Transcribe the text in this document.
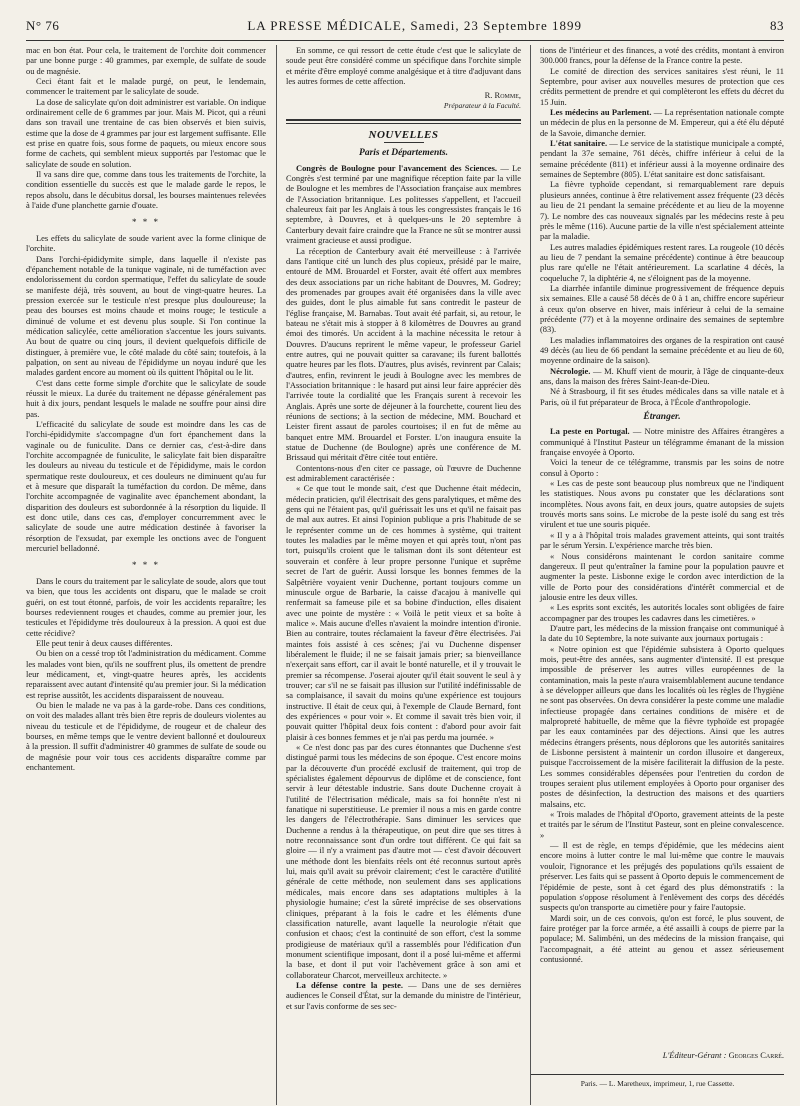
N° 76	LA PRESSE MÉDICALE, Samedi, 23 Septembre 1899	83

mac en bon état. Pour cela, le traitement de l'orchite doit commencer par une bonne purge : 40 grammes, par exemple, de sulfate de soude ou de magnésie.

Ceci étant fait et le malade purgé, on peut, le lendemain, commencer le traitement par le salicylate de soude.

La dose de salicylate qu'on doit administrer est variable. On indique ordinairement celle de 6 grammes par jour. Mais M. Picot, qui a réuni dans son travail une trentaine de cas bien observés et bien suivis, estime que la dose de 4 grammes par jour est largement suffisante. Elle est prise en quatre fois, sous forme de paquets, ou mieux encore sous forme de cachets, qui semblent mieux supportés par l'estomac que le salicylate de soude en solution.

Il va sans dire que, comme dans tous les traitements de l'orchite, la condition essentielle du succès est que le malade garde le repos, le repos absolu, dans le décubitus dorsal, les bourses maintenues relevées à l'aide d'une planchette garnie d'ouate.

* * *

Les effets du salicylate de soude varient avec la forme clinique de l'orchite.

Dans l'orchi-épididymite simple, dans laquelle il n'existe pas d'épanchement notable de la tunique vaginale, ni de tuméfaction avec endolorissement du cordon spermatique, l'effet du salicylate de soude se manifeste déjà, très souvent, au bout de vingt-quatre heures. La pression exercée sur le testicule n'est presque plus douloureuse; la peau des bourses est moins chaude et moins rouge; le testicule a diminué de volume et est devenu plus souple. Si l'on continue la médication salicylée, cette amélioration s'accentue les jours suivants. Au bout de quatre ou cinq jours, il devient quelquefois difficile de distinguer, à première vue, le côté malade du côté sain; toutefois, à la palpation, on sent au niveau de l'épididyme un noyau induré que les malades gardent encore au moment où ils quittent l'hôpital ou le lit.

C'est dans cette forme simple d'orchite que le salicylate de soude réussit le mieux. La durée du traitement ne dépasse généralement pas huit à dix jours, pendant lesquels le malade ne souffre pour ainsi dire pas.

L'efficacité du salicylate de soude est moindre dans les cas de l'orchi-épididymite s'accompagne d'un fort épanchement dans la vaginale ou de funiculite. Dans ce dernier cas, c'est-à-dire dans l'orchite accompagnée de funiculite, le salicylate fait bien disparaître les douleurs au niveau du testicule et de l'épididyme, mais le cordon spermatique reste douloureux, et ces douleurs ne diminuent qu'au fur et à mesure que disparaît la tuméfaction du cordon. De même, dans l'orchite accompagnée de vaginalite avec épanchement abondant, la disparition des douleurs est subordonnée à la résorption du liquide. Il est donc utile, dans ces cas, d'employer concurremment avec le salicylate de soude une autre médication destinée à favoriser la résorption de l'exsudat, par exemple les onctions avec de l'onguent mercuriel belladonné.

* * *

Dans le cours du traitement par le salicylate de soude, alors que tout va bien, que tous les accidents ont disparu, que le malade se croit guéri, on est tout étonné, parfois, de voir les accidents reparaître; les bourses redeviennent rouges et chaudes, comme au premier jour, les testicules et l'épididyme très douloureux à la pression. A quoi est due cette récidive?

Elle peut tenir à deux causes différentes.

Ou bien on a cessé trop tôt l'administration du médicament. Comme les malades vont bien, qu'ils ne souffrent plus, ils omettent de prendre leur médicament, et, vingt-quatre heures après, les accidents reparaissent avec autant d'intensité qu'au premier jour. Si la médication est reprise aussitôt, les accidents disparaissent de nouveau.

Ou bien le malade ne va pas à la garde-robe. Dans ces conditions, on voit des malades allant très bien être repris de douleurs violentes au niveau du testicule et de l'épididyme, de rougeur et de chaleur des bourses, en même temps que le ventre devient ballonné et douloureux à la pression. Il suffit d'administrer 40 grammes de sulfate de soude ou de magnésie pour voir tous ces accidents disparaître comme par enchantement.

En somme, ce qui ressort de cette étude c'est que le salicylate de soude peut être considéré comme un spécifique dans l'orchite simple et mérite d'être employé comme analgésique et à titre d'adjuvant dans les autres formes de cette affection.

R. Romme,
Préparateur à la Faculté.
NOUVELLES
Paris et Départements.

Congrès de Boulogne pour l'avancement des Sciences. — Le Congrès s'est terminé par une magnifique réception faite par la ville de Boulogne et les membres de l'Association française aux membres de l'Association britannique. Les politesses s'appellent, et l'accueil chaleureux fait par les Anglais à tous les congressistes français le 16 septembre, à Douvres, et à quelques-uns le 20 septembre à Canterbury devait faire craindre que la France ne sût se montrer aussi vraiment gracieuse et aussi prodigue.

La réception de Canterbury avait été merveilleuse : à l'arrivée dans l'antique cité un lunch des plus copieux, présidé par le maire, entouré de MM. Brouardel et Forster, avait été offert aux membres des deux associations par un riche habitant de Douvres, M. Godrey; des promenades par groupes avait été organisées dans la ville avec des guides, dont le plus aimable fut sans contredit le pasteur de l'église française, M. Barnabas. Tout avait été parfait, si, au retour, le bateau ne s'était mis à stopper à 8 kilomètres de Douvres au grand émoi des timorés. Un accident à la machine nécessita le retour à Douvres. D'aucuns reprirent le même vapeur, le professeur Gariel entre autres, qui ne pouvait quitter sa caravane; ils furent ballottés quatre heures par les flots. D'autres, plus avisés, revinrent par Calais; d'autres, enfin, revinrent le jeudi à Boulogne avec les membres de l'Association britannique : le hasard put ainsi leur faire apprécier dès l'arrivée toute la cordialité que les Français surent à recevoir les Anglais. Après une sorte de déjeuner à la fourchette, courent lieu des réunions de sections; à la section de médecine, MM. Bouchard et Leister firent assaut de paroles courtoises; il en fut de même au banquet entre MM. Brouardel et Forster. L'on inaugura ensuite la statue de Duchenne (de Boulogne) après une conférence de M. Brissaud qui méritait d'être citée tout entière.

Contentons-nous d'en citer ce passage, où l'œuvre de Duchenne est admirablement caractérisée :

« Ce que tout le monde sait, c'est que Duchenne était médecin, médecin praticien, qu'il électrisait des gens paralytiques, et même des gens qui ne l'étaient pas, qu'il guérissait les uns et qu'il ne faisait pas de mal aux autres. Et ainsi l'opinion publique a pris l'habitude de se le représenter comme un de ces hommes à système, qui traitent toutes les maladies par le même moyen et qui après tout, n'ont pas tort, puisqu'ils croient que le talisman dont ils sont détenteur est souverain et confère à leur propre personne l'unique et suprême secret de l'art de guérir. Aussi lorsque les bonnes femmes de la Salpêtrière voyaient venir Duchenne, portant toujours comme un minuscule orgue de Barbarie, la caisse d'acajou à manivelle qui renfermait sa fameuse pile et sa bobine d'induction, elles disaient avec une pointe de mystère : « Voilà le petit vieux et sa boîte à malice ». Mais aucune d'elles n'avaient la moindre intention d'ironie. Bien au contraire, toutes réclamaient la faveur d'être électrisées. J'ai maintes fois assisté à ces scènes; j'ai vu Duchenne dispenser libéralement le fluide; il ne se faisait jamais prier; sa bienveillance n'exerçait sans effort, car il avait le bonté naturelle, et il y trouvait le premier sa récompense. J'oserai ajouter qu'il était souvent le seul à y trouver; car s'il ne se faisait pas illusion sur l'utilité indéfinissable de sa complaisance, il savait du moins qu'une expérience est toujours instructive. Il était de ceux qui, à l'exemple de Claude Bernard, font des expériences « pour voir ». Et comme il savait très bien voir, il pouvait quitter l'hôpital deux fois content : d'abord pour avoir fait plaisir à ces bonnes femmes et je n'ai pas perdu ma journée. »

« Ce n'est donc pas par des cures étonnantes que Duchenne s'est distingué parmi tous les médecins de son époque. C'est encore moins par la découverte d'un procédé exclusif de traitement, qui trop de spécialistes également dépourvus de diplôme et de conscience, font servir à leur détestable industrie. Sans doute Duchenne croyait à l'utilité de l'électrisation médicale, mais sa foi honnête n'est ni fanatique ni superstitieuse. Le premier il nous a mis en garde contre les dangers de l'électrothérapie. Sans diminuer les services que Duchenne a rendus à la thérapeutique, on peut dire que ses titres à notre reconnaissance sont d'un ordre tout différent. Ce qui fait sa gloire — il n'y a vraiment pas d'autre mot — c'est d'avoir découvert une méthode dont les bienfaits réels ont été reconnus surtout après lui, mais qu'il avait su prévoir clairement; c'est le caractère d'utilité générale de cette méthode, non seulement dans ses applications médicales, mais encore dans ses adaptations multiples à la physiologie humaine; c'est la sûreté imprécise de ses observations cliniques, préparant à la fois le cadre et les éléments d'une classification naturelle, avant laquelle la neurologie n'était que confusion et chaos; c'est la continuité de son effort, c'est la somme prodigieuse de matériaux qu'il a rassemblés pour l'édification d'un monument scientifique imposant, dont il a posé lui-même et affermi la base, et dont il put voir l'achèvement grâce à son ami et collaborateur Charcot, merveilleux architecte. »

La défense contre la peste. — Dans une de ses dernières audiences le Conseil d'État, sur la demande du ministre de l'intérieur, et sur l'avis conforme de ses sec-

tions de l'intérieur et des finances, a voté des crédits, montant à environ 300.000 francs, pour la défense de la France contre la peste.

Le comité de direction des services sanitaires s'est réuni, le 11 Septembre, pour aviser aux nouvelles mesures de protection que ces crédits permettent de prendre et qui complèteront les effets du décret du 15 Juin.

Les médecins au Parlement. — La représentation nationale compte un médecin de plus en la personne de M. Empereur, qui a été élu député de la Savoie, dimanche dernier.

L'état sanitaire. — Le service de la statistique municipale a compté, pendant la 37e semaine, 761 décès, chiffre inférieur à celui de la semaine précédente (811) et inférieur aussi à la moyenne ordinaire des semaines de Septembre (805). L'état sanitaire est donc satisfaisant.

La fièvre typhoïde cependant, si remarquablement rare depuis plusieurs années, continue à être relativement assez fréquente (23 décès au lieu de 21 pendant la semaine précédente et au lieu de la moyenne 7). Le nombre des cas nouveaux signalés par les médecins reste à peu près le même (116). Aucune partie de la ville n'est spécialement atteinte par la maladie.

Les autres maladies épidémiques restent rares. La rougeole (10 décès au lieu de 7 pendant la semaine précédente) continue à être beaucoup plus rare qu'elle ne l'était antérieurement. La scarlatine 4 décès, la coqueluche 7, la diphtérie 4, ne s'éloignent pas de la moyenne.

La diarrhée infantile diminue progressivement de fréquence depuis six semaines. Elle a causé 58 décès de 0 à 1 an, chiffre encore supérieur à ceux qu'on observe en hiver, mais inférieur à celui de la semaine précédente (77) et à la moyenne ordinaire des semaines de septembre (83).

Les maladies inflammatoires des organes de la respiration ont causé 49 décès (au lieu de 66 pendant la semaine précédente et au lieu de 60, moyenne ordinaire de la saison).

Nécrologie. — M. Khuff vient de mourir, à l'âge de cinquante-deux ans, dans la maison des frères Saint-Jean-de-Dieu.

Né à Strasbourg, il fit ses études médicales dans sa ville natale et à Paris, où il fut préparateur de Broca, à l'École d'anthropologie.

Étranger.

La peste en Portugal. — Notre ministre des Affaires étrangères a communiqué à l'Institut Pasteur un télégramme émanant de la mission française envoyée à Oporto.

Voici la teneur de ce télégramme, transmis par les soins de notre consul à Oporto :

« Les cas de peste sont beaucoup plus nombreux que ne l'indiquent les statistiques. Nous avons pu constater que les déclarations sont incomplètes. Nous avons fait, en deux jours, quatre autopsies de sujets trouvés morts sans soins. Le microbe de la peste isolé du sang est très virulent et tue une souris piquée.

« Il y a à l'hôpital trois malades gravement atteints, qui sont traités par le sérum Yersin. L'expérience marche très bien.

« Nous considérons maintenant le cordon sanitaire comme dangereux. Il peut qu'entraîner la famine pour la population pauvre et augmenter la peste. Lisbonne exige le cordon avec interdiction de la ville de Porto pour des considérations d'intérêt commercial et de jalousie entre les deux villes.

« Les esprits sont excités, les autorités locales sont obligées de faire accompagner par des troupes les cadavres dans les cimetières. »

D'autre part, les médecins de la mission française ont communiqué à la date du 10 Septembre, la note suivante aux journaux portugais :

« Notre opinion est que l'épidémie subsistera à Oporto quelques mois, peut-être des années, sans augmenter d'intensité. Il est presque impossible de préserver les autres villes européennes de la contamination, mais la peste n'aura vraisemblablement aucune tendance à se développer ailleurs que dans les localités où les règles de l'hygiène ne sont pas observées. On devra considérer la peste comme une maladie infectieuse propagée dans certaines conditions de misère et de malpropreté habituelle, de même que la fièvre typhoïde est propagée par les eaux contaminées par des déjections. Ainsi que les autres médecins étrangers présents, nous déplorons que les autorités sanitaires de Lisbonne persistent à maintenir un cordon illusoire et dangereux, puisque l'accroissement de la misère faciliterait la diffusion de la peste. Les sommes considérables dépensées pour l'entretien du cordon de troupes seraient plus utilement employées à Oporto pour organiser des postes de désinfection, la destruction des maisons et des quartiers malsains, etc.

« Trois malades de l'hôpital d'Oporto, gravement atteints de la peste et traités par le sérum de l'Institut Pasteur, sont en pleine convalescence. »

— Il est de règle, en temps d'épidémie, que les médecins aient encore moins à lutter contre le mal lui-même que contre le mauvais vouloir, l'ignorance et les préjugés des populations qu'ils essaient de préserver. Les faits qui se passent à Oporto depuis le commencement de l'épidémie de peste, sont à cet égard des plus démonstratifs : la population s'oppose résolument à l'enlèvement des corps des décédés suspects qu'on transporte au cimetière pour y faire l'autopsie.

Mardi soir, un de ces convois, qu'on est forcé, le plus souvent, de faire protéger par la force armée, a été assailli à coups de pierre par la populace; M. Salimbéni, un des médecins de la mission française, qui l'accompagnait, a été atteint au genou et assez sérieusement contusionné.

L'Éditeur-Gérant : Georges Carré.
Paris. — L. Maretheux, imprimeur, 1, rue Cassette.
